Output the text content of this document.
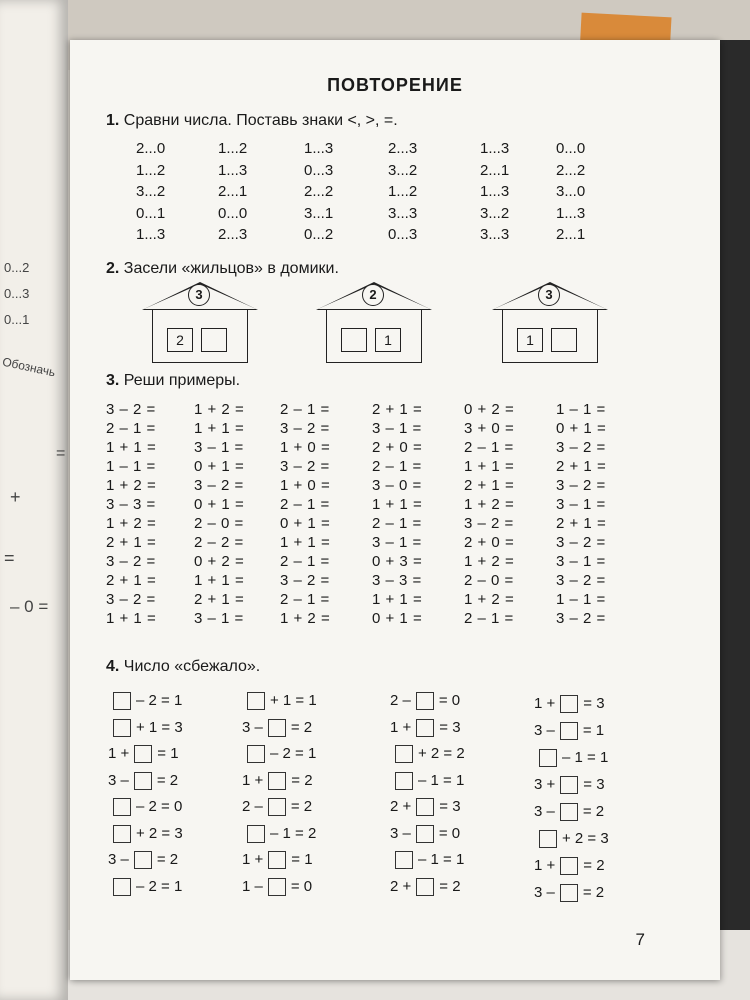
0...2
0...3
0...1
Обозначь
=
+
=
– 0 =
ПОВТОРЕНИЕ
1. Сравни числа. Поставь знаки <, >, =.
2. Засели «жильцов» в домики.
3. Реши примеры.
4. Число «сбежало».
7
2...0
1...2
3...2
0...1
1...3
1...2
1...3
2...1
0...0
2...3
1...3
0...3
2...2
3...1
0...2
2...3
3...2
1...2
3...3
0...3
1...3
2...1
1...3
3...2
3...3
0...0
2...2
3...0
1...3
2...1
2
3
1
2
1
3
3 – 2 =
2 – 1 =
1 + 1 =
1 – 1 =
1 + 2 =
3 – 3 =
1 + 2 =
2 + 1 =
3 – 2 =
2 + 1 =
3 – 2 =
1 + 1 =
1 + 2 =
1 + 1 =
3 – 1 =
0 + 1 =
3 – 2 =
0 + 1 =
2 – 0 =
2 – 2 =
0 + 2 =
1 + 1 =
2 + 1 =
3 – 1 =
2 – 1 =
3 – 2 =
1 + 0 =
3 – 2 =
1 + 0 =
2 – 1 =
0 + 1 =
1 + 1 =
2 – 1 =
3 – 2 =
2 – 1 =
1 + 2 =
2 + 1 =
3 – 1 =
2 + 0 =
2 – 1 =
3 – 0 =
1 + 1 =
2 – 1 =
3 – 1 =
0 + 3 =
3 – 3 =
1 + 1 =
0 + 1 =
0 + 2 =
3 + 0 =
2 – 1 =
1 + 1 =
2 + 1 =
1 + 2 =
3 – 2 =
2 + 0 =
1 + 2 =
2 – 0 =
1 + 2 =
2 – 1 =
1 – 1 =
0 + 1 =
3 – 2 =
2 + 1 =
3 – 2 =
3 – 1 =
2 + 1 =
3 – 2 =
3 – 1 =
3 – 2 =
1 – 1 =
3 – 2 =
– 2 = 1
+ 1 = 3
1 + = 1
3 – = 2
– 2 = 0
+ 2 = 3
3 – = 2
– 2 = 1
+ 1 = 1
3 – = 2
– 2 = 1
1 + = 2
2 – = 2
– 1 = 2
1 + = 1
1 – = 0
2 – = 0
1 + = 3
+ 2 = 2
– 1 = 1
2 + = 3
3 – = 0
– 1 = 1
2 + = 2
1 + = 3
3 – = 1
– 1 = 1
3 + = 3
3 – = 2
+ 2 = 3
1 + = 2
3 – = 2
